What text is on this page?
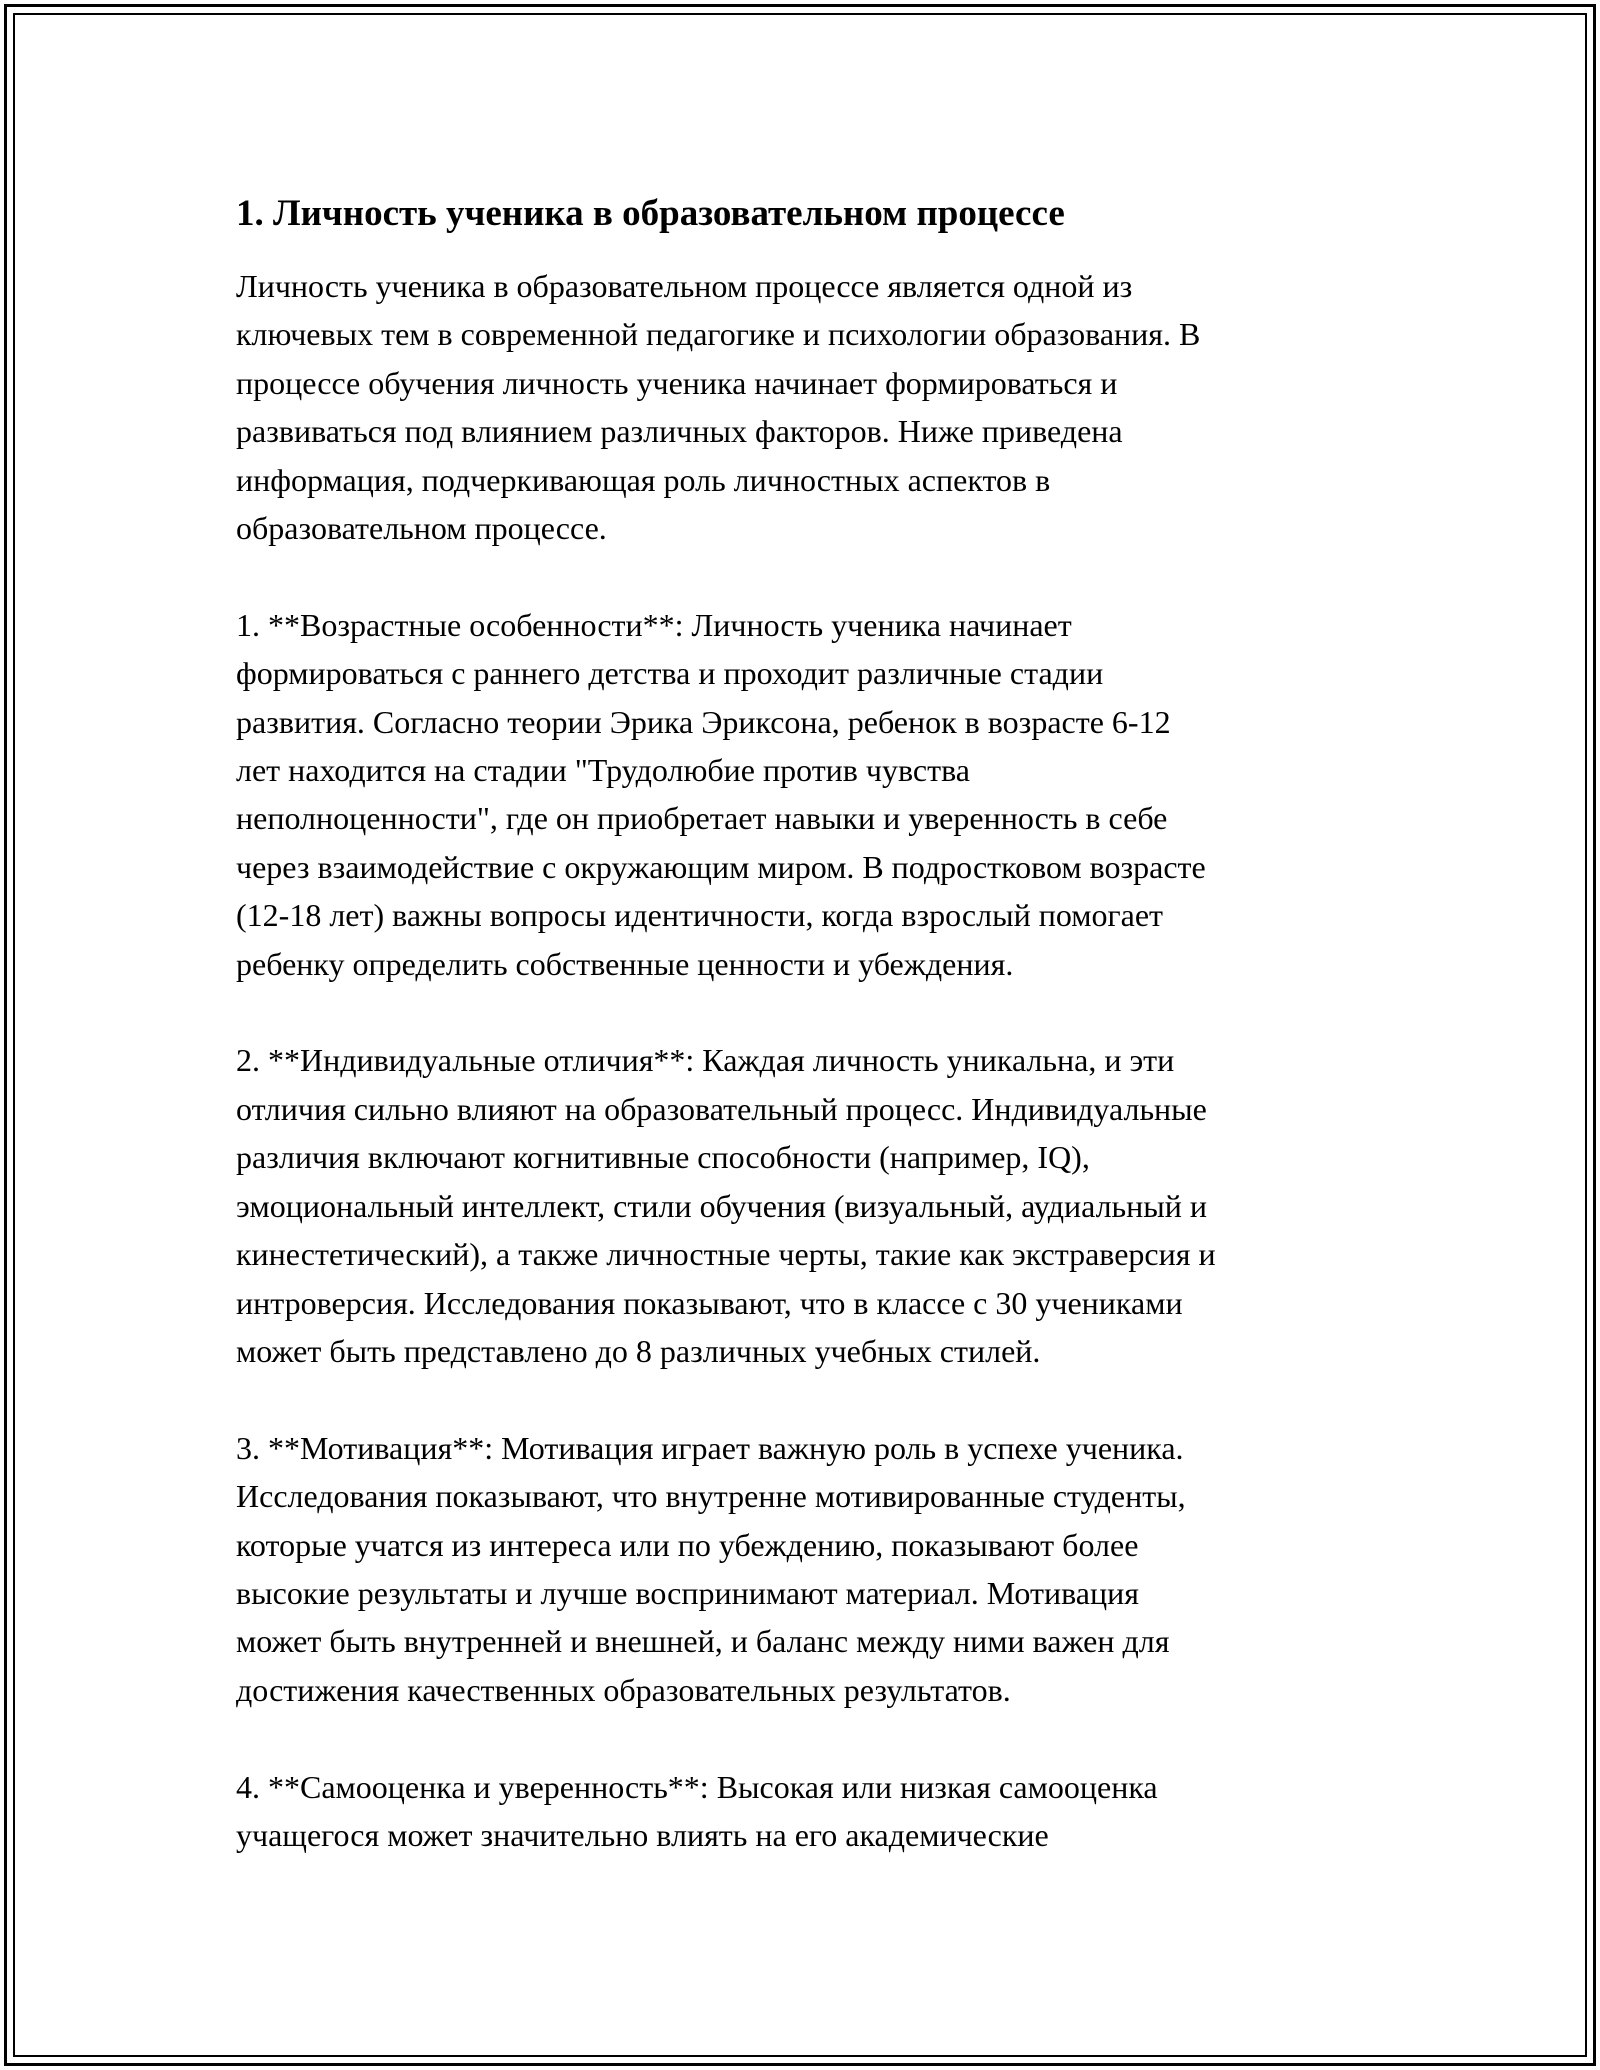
1. Личность ученика в образовательном процессе

Личность ученика в образовательном процессе является одной из
ключевых тем в современной педагогике и психологии образования. В
процессе обучения личность ученика начинает формироваться и
развиваться под влиянием различных факторов. Ниже приведена
информация, подчеркивающая роль личностных аспектов в
образовательном процессе.

1. **Возрастные особенности**: Личность ученика начинает
формироваться с раннего детства и проходит различные стадии
развития. Согласно теории Эрика Эриксона, ребенок в возрасте 6-12
лет находится на стадии "Трудолюбие против чувства
неполноценности", где он приобретает навыки и уверенность в себе
через взаимодействие с окружающим миром. В подростковом возрасте
(12-18 лет) важны вопросы идентичности, когда взрослый помогает
ребенку определить собственные ценности и убеждения.

2. **Индивидуальные отличия**: Каждая личность уникальна, и эти
отличия сильно влияют на образовательный процесс. Индивидуальные
различия включают когнитивные способности (например, IQ),
эмоциональный интеллект, стили обучения (визуальный, аудиальный и
кинестетический), а также личностные черты, такие как экстраверсия и
интроверсия. Исследования показывают, что в классе с 30 учениками
может быть представлено до 8 различных учебных стилей.

3. **Мотивация**: Мотивация играет важную роль в успехе ученика.
Исследования показывают, что внутренне мотивированные студенты,
которые учатся из интереса или по убеждению, показывают более
высокие результаты и лучше воспринимают материал. Мотивация
может быть внутренней и внешней, и баланс между ними важен для
достижения качественных образовательных результатов.

4. **Самооценка и уверенность**: Высокая или низкая самооценка
учащегося может значительно влиять на его академические
